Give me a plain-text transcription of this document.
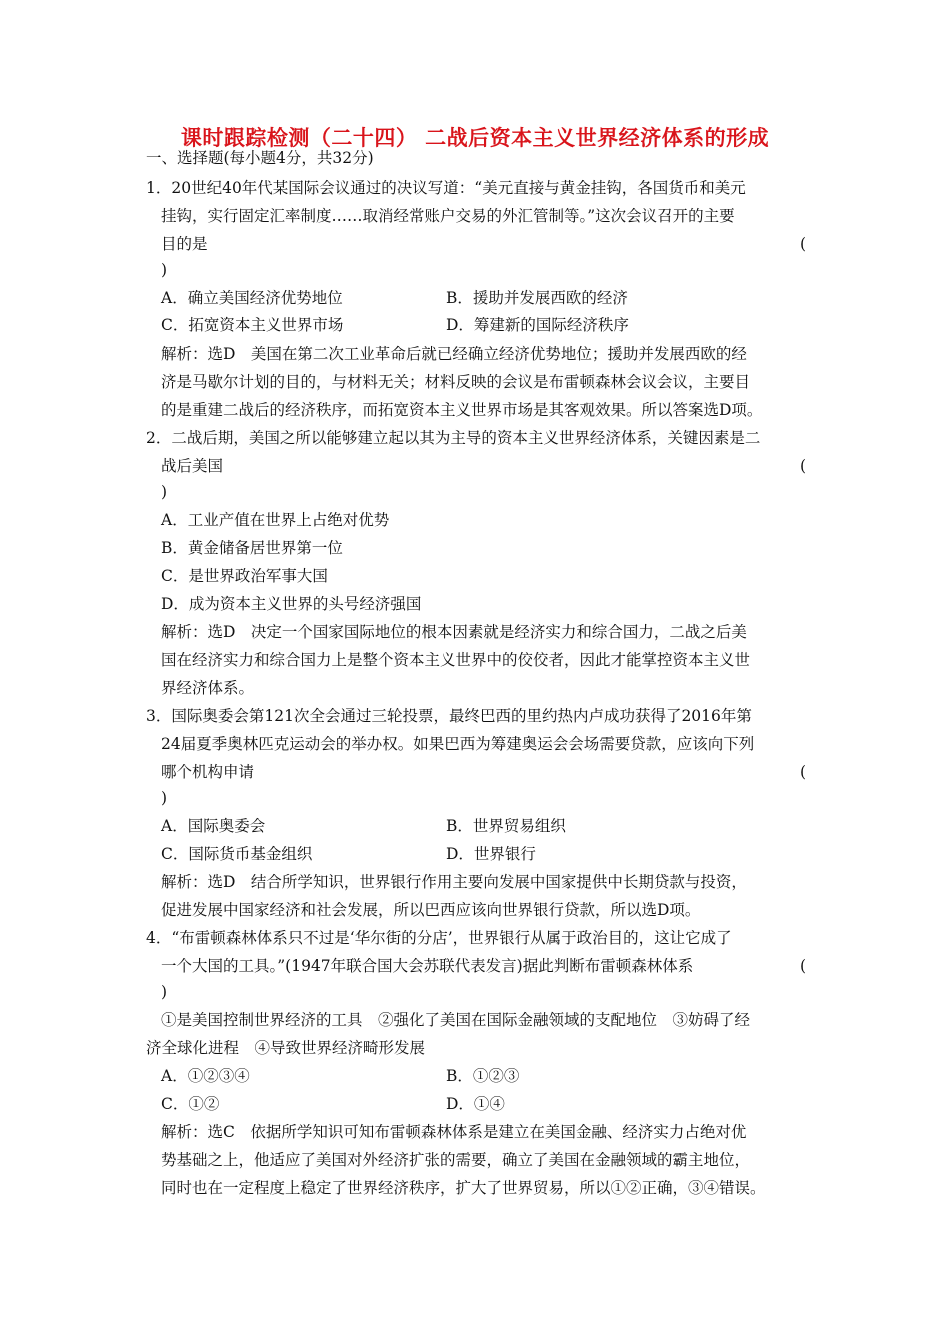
课时跟踪检测（二十四） 二战后资本主义世界经济体系的形成
一、选择题(每小题4分，共32分)
1．20世纪40年代某国际会议通过的决议写道：“美元直接与黄金挂钩，各国货币和美元
挂钩，实行固定汇率制度……取消经常账户交易的外汇管制等。”这次会议召开的主要
目的是	(
)
A．确立美国经济优势地位	B．援助并发展西欧的经济
C．拓宽资本主义世界市场	D．筹建新的国际经济秩序
解析：选D　美国在第二次工业革命后就已经确立经济优势地位；援助并发展西欧的经
济是马歇尔计划的目的，与材料无关；材料反映的会议是布雷顿森林会议会议，主要目
的是重建二战后的经济秩序，而拓宽资本主义世界市场是其客观效果。所以答案选D项。
2．二战后期，美国之所以能够建立起以其为主导的资本主义世界经济体系，关键因素是二
战后美国	(
)
A．工业产值在世界上占绝对优势
B．黄金储备居世界第一位
C．是世界政治军事大国
D．成为资本主义世界的头号经济强国
解析：选D　决定一个国家国际地位的根本因素就是经济实力和综合国力，二战之后美
国在经济实力和综合国力上是整个资本主义世界中的佼佼者，因此才能掌控资本主义世
界经济体系。
3．国际奥委会第121次全会通过三轮投票，最终巴西的里约热内卢成功获得了2016年第
24届夏季奥林匹克运动会的举办权。如果巴西为筹建奥运会会场需要贷款，应该向下列
哪个机构申请	(
)
A．国际奥委会	B．世界贸易组织
C．国际货币基金组织	D．世界银行
解析：选D　结合所学知识，世界银行作用主要向发展中国家提供中长期贷款与投资，
促进发展中国家经济和社会发展，所以巴西应该向世界银行贷款，所以选D项。
4．“布雷顿森林体系只不过是‘华尔街的分店’，世界银行从属于政治目的，这让它成了
一个大国的工具。”(1947年联合国大会苏联代表发言)据此判断布雷顿森林体系	(
)
①是美国控制世界经济的工具　②强化了美国在国际金融领域的支配地位　③妨碍了经
济全球化进程　④导致世界经济畸形发展
A．①②③④	B．①②③
C．①②	D．①④
解析：选C　依据所学知识可知布雷顿森林体系是建立在美国金融、经济实力占绝对优
势基础之上，他适应了美国对外经济扩张的需要，确立了美国在金融领域的霸主地位，
同时也在一定程度上稳定了世界经济秩序，扩大了世界贸易，所以①②正确，③④错误。
